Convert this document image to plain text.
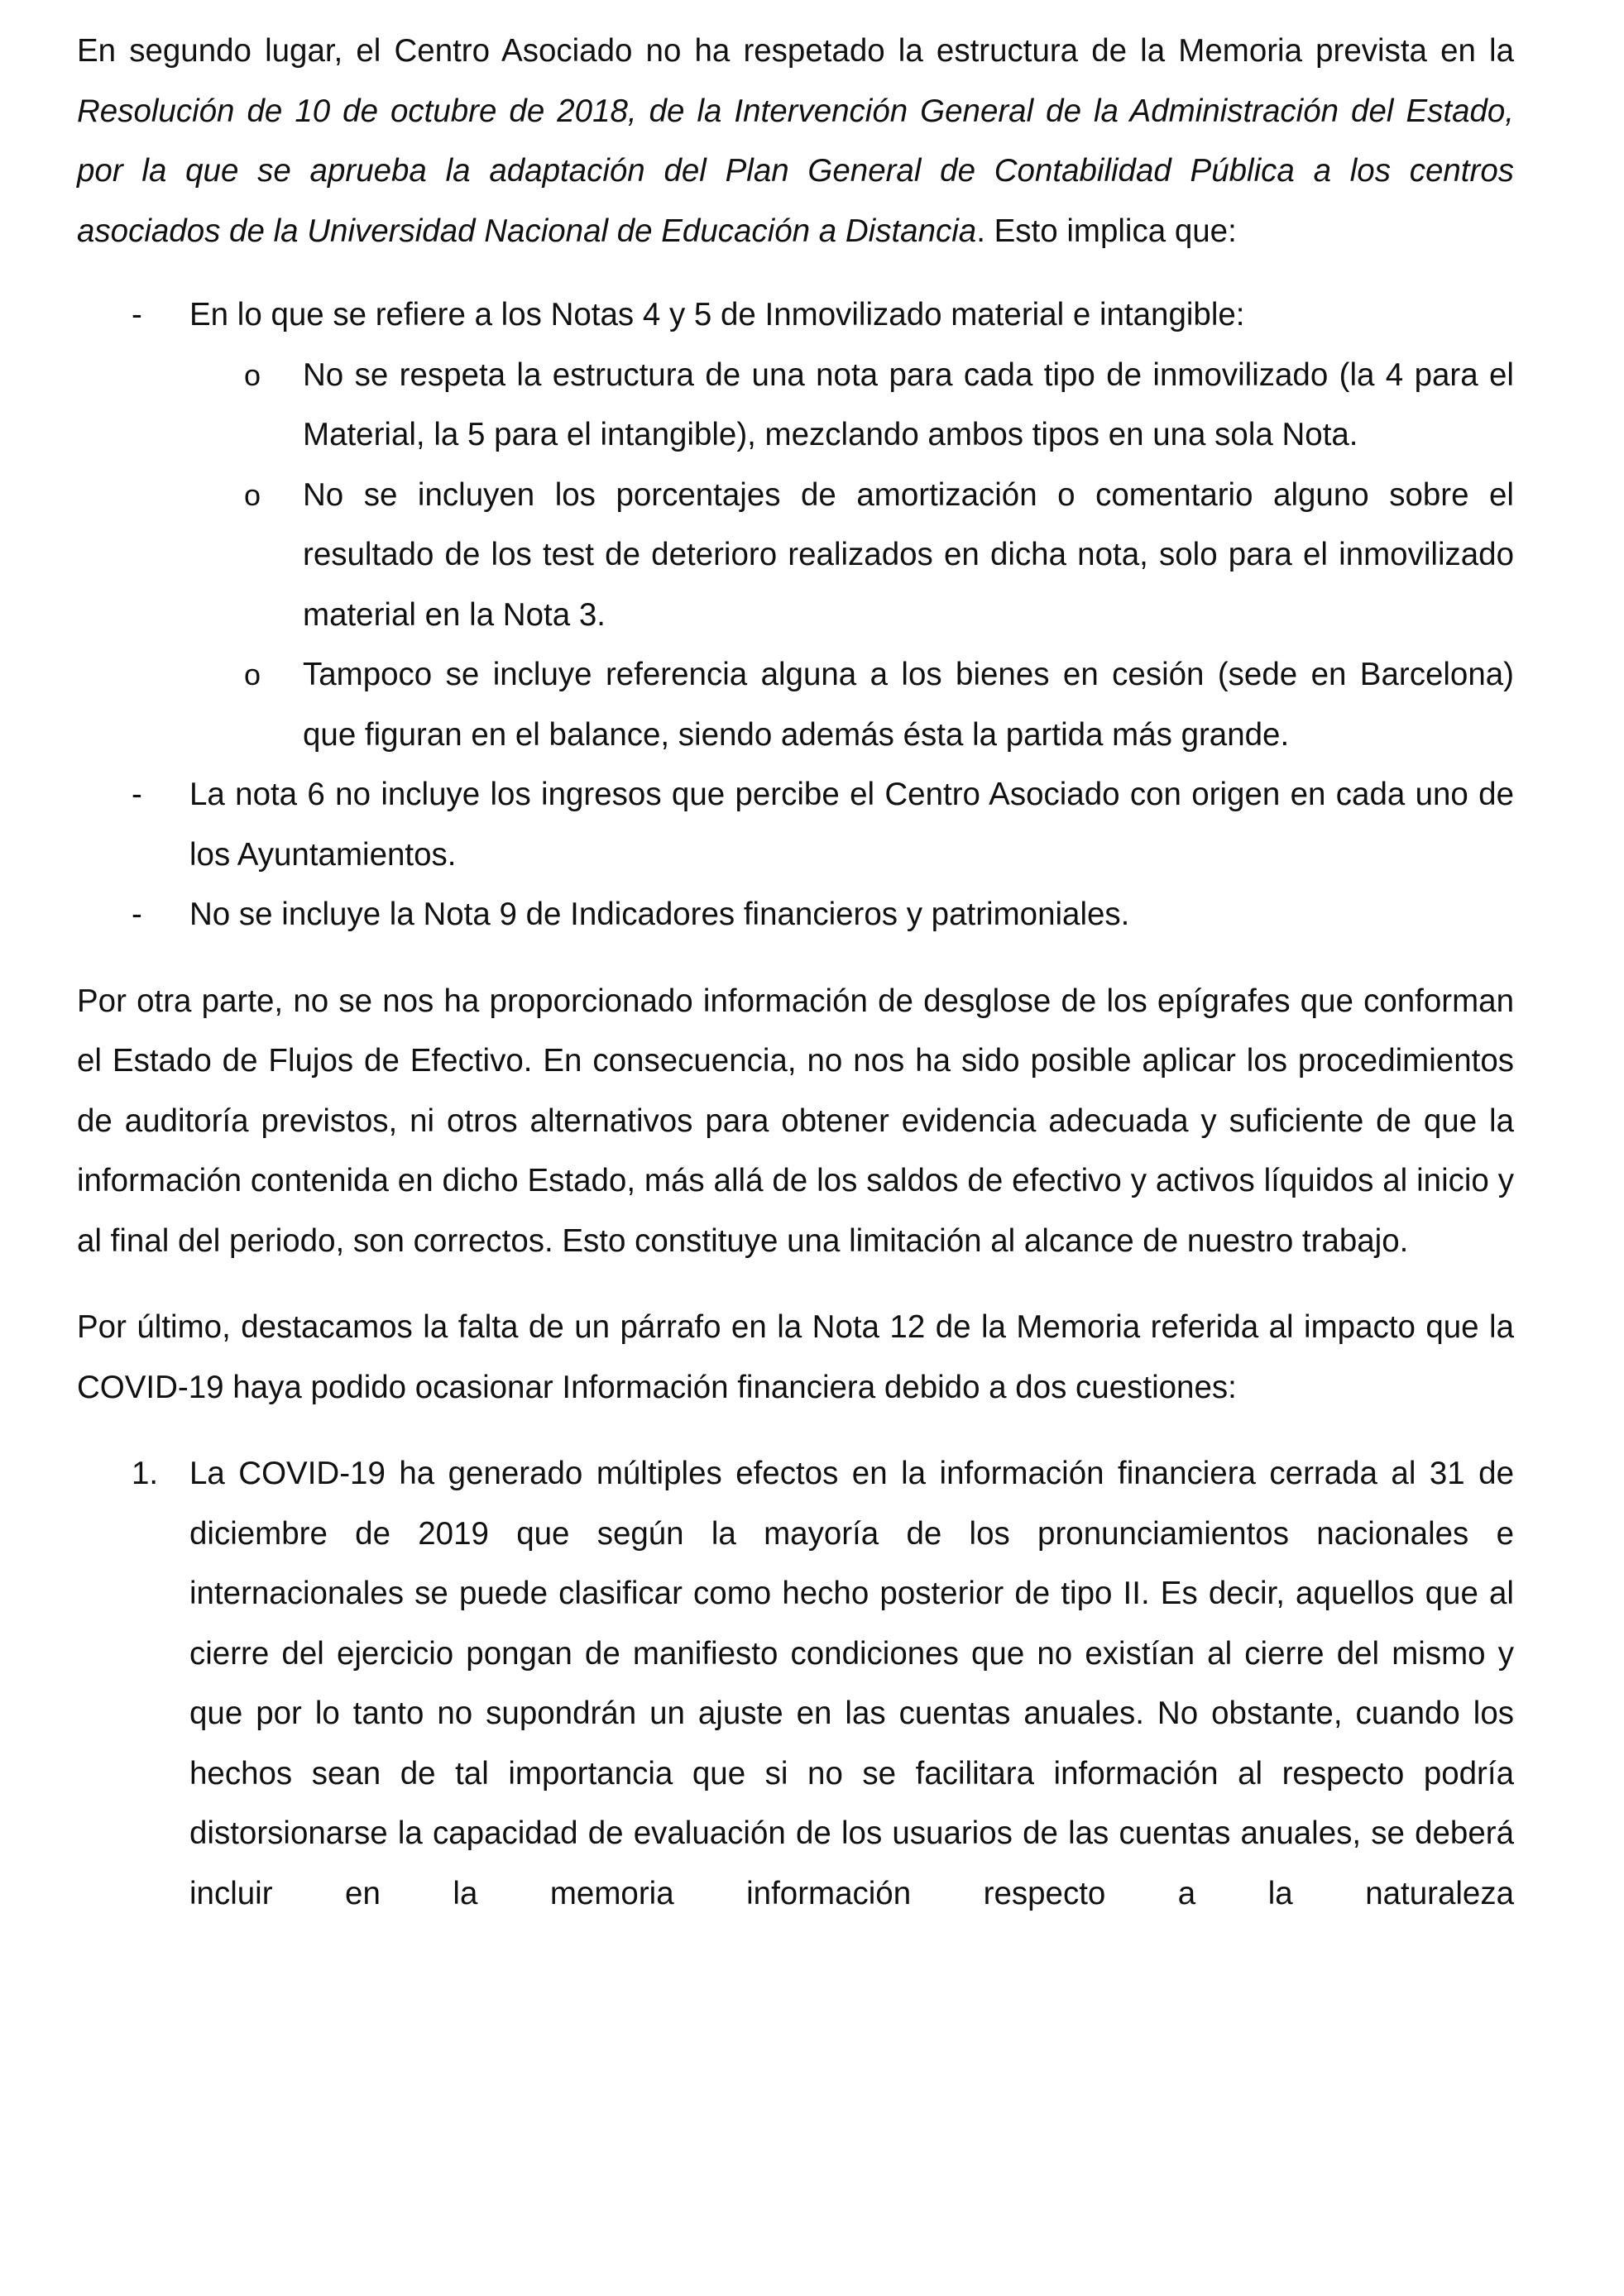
En segundo lugar, el Centro Asociado no ha respetado la estructura de la Memoria prevista en la Resolución de 10 de octubre de 2018, de la Intervención General de la Administración del Estado, por la que se aprueba la adaptación del Plan General de Contabilidad Pública a los centros asociados de la Universidad Nacional de Educación a Distancia. Esto implica que:

- En lo que se refiere a los Notas 4 y 5 de Inmovilizado material e intangible:

o No se respeta la estructura de una nota para cada tipo de inmovilizado (la 4 para el Material, la 5 para el intangible), mezclando ambos tipos en una sola Nota.

o No se incluyen los porcentajes de amortización o comentario alguno sobre el resultado de los test de deterioro realizados en dicha nota, solo para el inmovilizado material en la Nota 3.

o Tampoco se incluye referencia alguna a los bienes en cesión (sede en Barcelona) que figuran en el balance, siendo además ésta la partida más grande.

- La nota 6 no incluye los ingresos que percibe el Centro Asociado con origen en cada uno de los Ayuntamientos.

- No se incluye la Nota 9 de Indicadores financieros y patrimoniales.

Por otra parte, no se nos ha proporcionado información de desglose de los epígrafes que conforman el Estado de Flujos de Efectivo. En consecuencia, no nos ha sido posible aplicar los procedimientos de auditoría previstos, ni otros alternativos para obtener evidencia adecuada y suficiente de que la información contenida en dicho Estado, más allá de los saldos de efectivo y activos líquidos al inicio y al final del periodo, son correctos. Esto constituye una limitación al alcance de nuestro trabajo.

Por último, destacamos la falta de un párrafo en la Nota 12 de la Memoria referida al impacto que la COVID-19 haya podido ocasionar Información financiera debido a dos cuestiones:

1. La COVID-19 ha generado múltiples efectos en la información financiera cerrada al 31 de diciembre de 2019 que según la mayoría de los pronunciamientos nacionales e internacionales se puede clasificar como hecho posterior de tipo II. Es decir, aquellos que al cierre del ejercicio pongan de manifiesto condiciones que no existían al cierre del mismo y que por lo tanto no supondrán un ajuste en las cuentas anuales. No obstante, cuando los hechos sean de tal importancia que si no se facilitara información al respecto podría distorsionarse la capacidad de evaluación de los usuarios de las cuentas anuales, se deberá incluir en la memoria información respecto a la naturaleza
